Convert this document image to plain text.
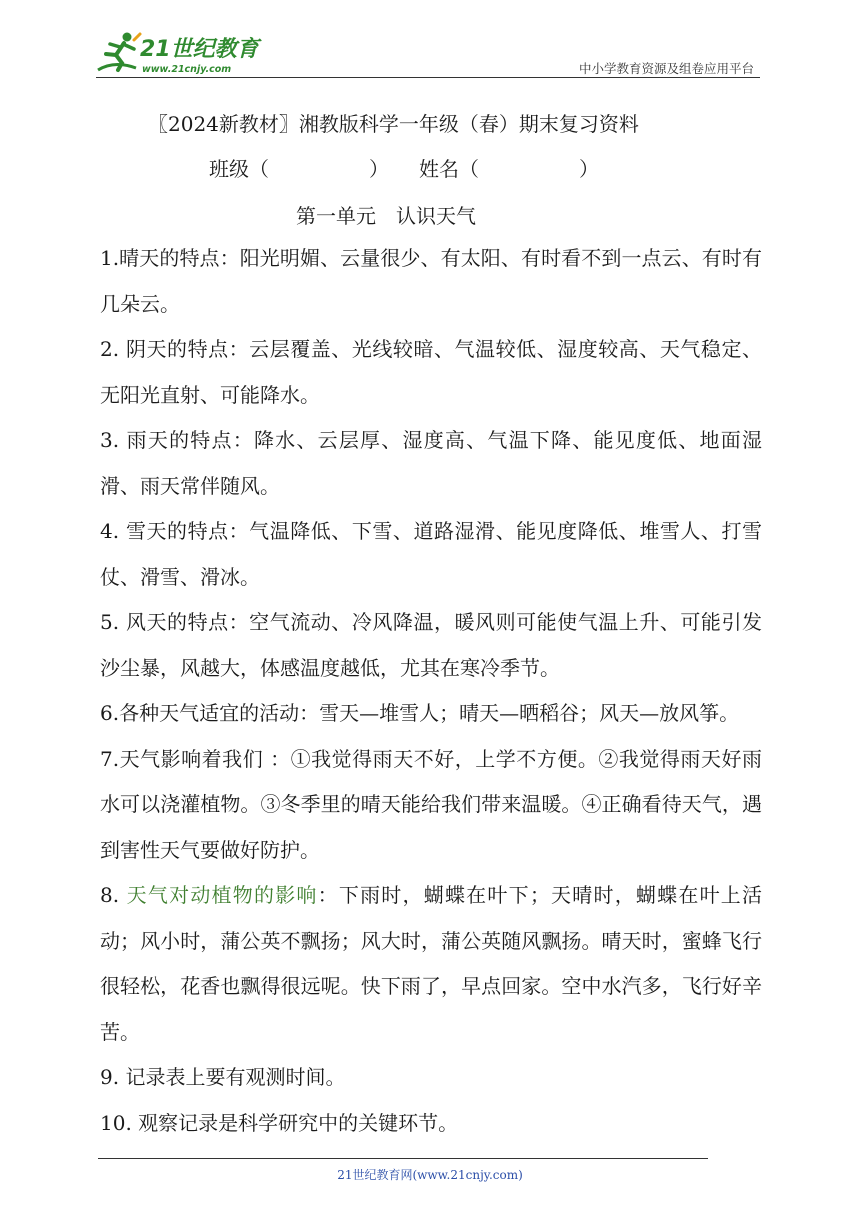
21世纪教育
www.21cnjy.com	中小学教育资源及组卷应用平台
〖2024新教材〗湘教版科学一年级（春）期末复习资料
班级（　　　　　）　　 姓名（　　　　　）
第一单元　认识天气

1.晴天的特点：阳光明媚、云量很少、有太阳、有时看不到一点云、有时有几朵云。

2. 阴天的特点：云层覆盖、光线较暗、气温较低、湿度较高、天气稳定、无阳光直射、可能降水。

3. 雨天的特点：降水、云层厚、湿度高、气温下降、能见度低、地面湿滑、雨天常伴随风。

4. 雪天的特点：气温降低、下雪、道路湿滑、能见度降低、堆雪人、打雪仗、滑雪、滑冰。

5. 风天的特点：空气流动、冷风降温，暖风则可能使气温上升、可能引发沙尘暴，风越大，体感温度越低，尤其在寒冷季节。

6.各种天气适宜的活动：雪天—堆雪人；晴天—晒稻谷；风天—放风筝。

7.天气影响着我们 ：①我觉得雨天不好，上学不方便。②我觉得雨天好雨水可以浇灌植物。③冬季里的晴天能给我们带来温暖。④正确看待天气，遇到害性天气要做好防护。

8. 天气对动植物的影响：下雨时，蝴蝶在叶下；天晴时，蝴蝶在叶上活动；风小时，蒲公英不飘扬；风大时，蒲公英随风飘扬。晴天时，蜜蜂飞行很轻松，花香也飘得很远呢。快下雨了，早点回家。空中水汽多，飞行好辛苦。

9. 记录表上要有观测时间。

10. 观察记录是科学研究中的关键环节。

21世纪教育网(www.21cnjy.com)
